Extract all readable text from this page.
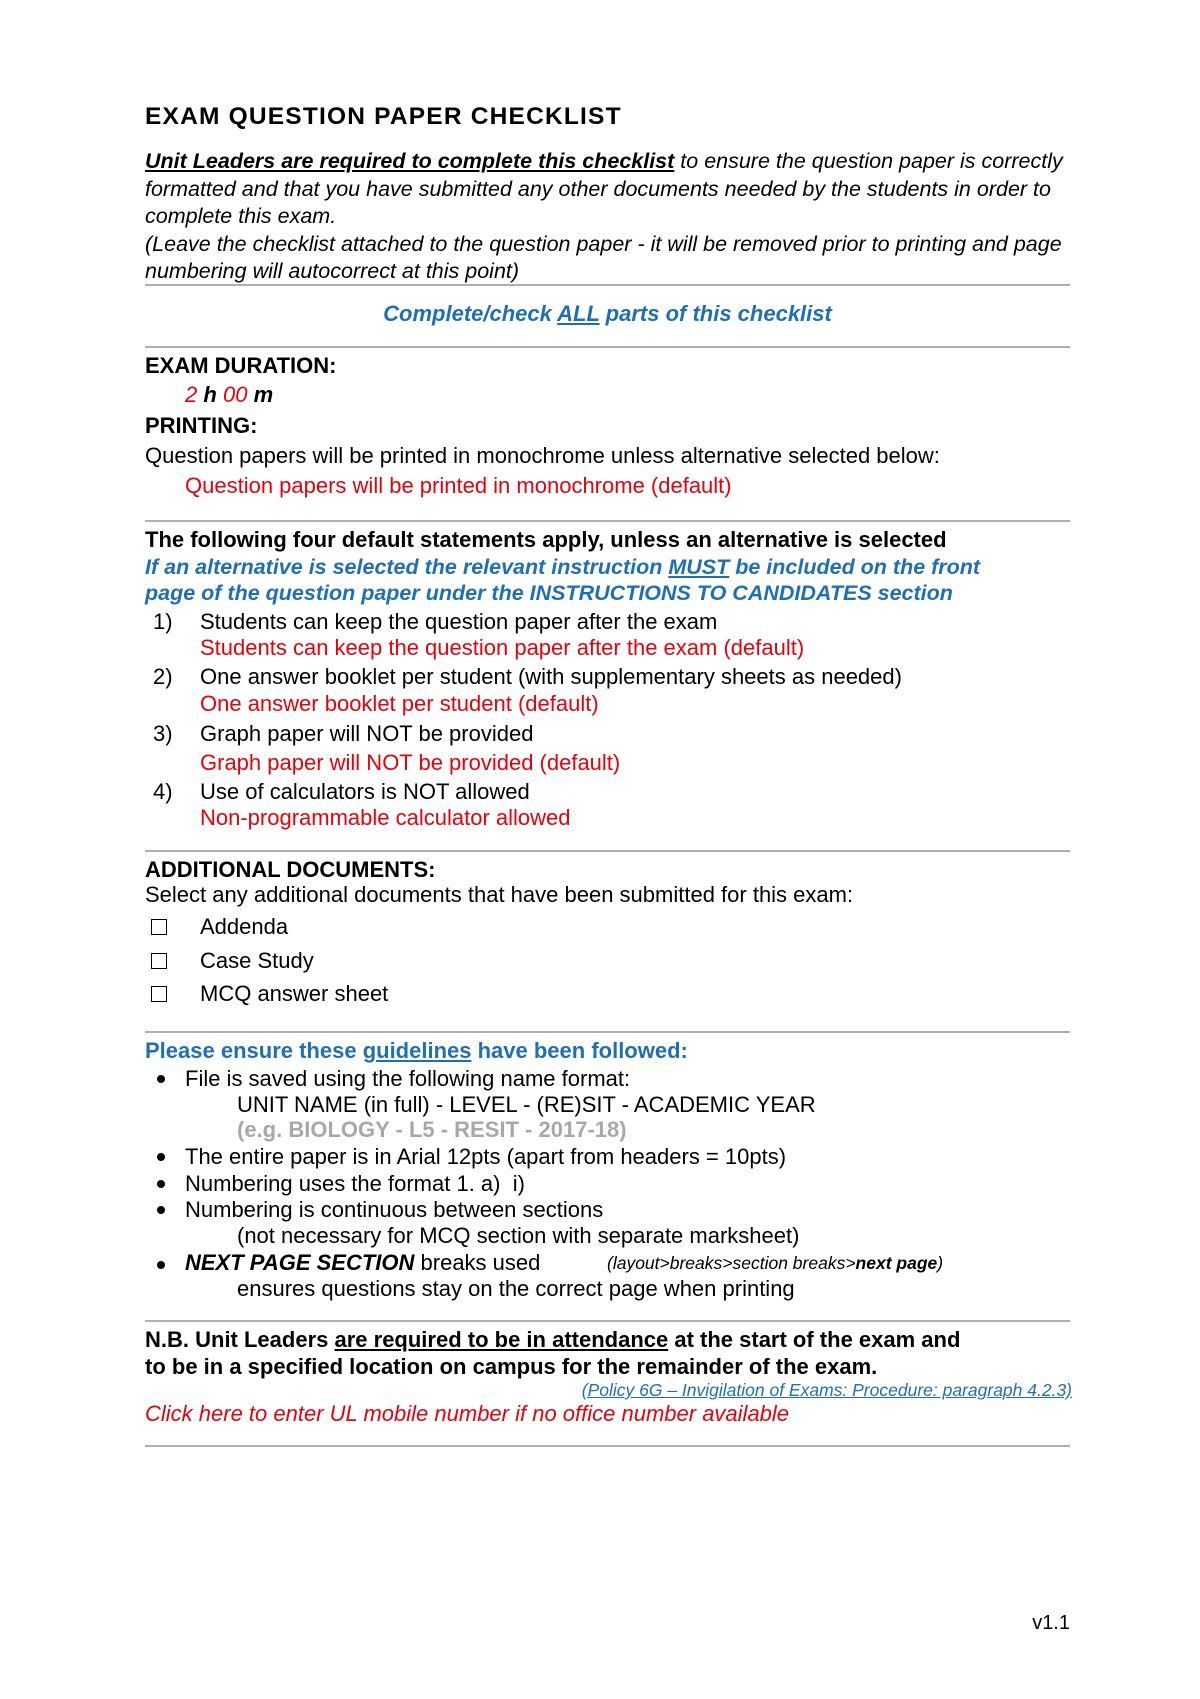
EXAM QUESTION PAPER CHECKLIST
Unit Leaders are required to complete this checklist to ensure the question paper is correctly formatted and that you have submitted any other documents needed by the students in order to complete this exam.
(Leave the checklist attached to the question paper - it will be removed prior to printing and page numbering will autocorrect at this point)
Complete/check ALL parts of this checklist
EXAM DURATION:
2 h 00 m
PRINTING:
Question papers will be printed in monochrome unless alternative selected below:
Question papers will be printed in monochrome (default)
The following four default statements apply, unless an alternative is selected
If an alternative is selected the relevant instruction MUST be included on the front
page of the question paper under the INSTRUCTIONS TO CANDIDATES section
1) Students can keep the question paper after the exam
Students can keep the question paper after the exam (default)
2) One answer booklet per student (with supplementary sheets as needed)
One answer booklet per student (default)
3) Graph paper will NOT be provided
Graph paper will NOT be provided (default)
4) Use of calculators is NOT allowed
Non-programmable calculator allowed
ADDITIONAL DOCUMENTS:
Select any additional documents that have been submitted for this exam:
Addenda
Case Study
MCQ answer sheet
Please ensure these guidelines have been followed:
File is saved using the following name format:
UNIT NAME (in full) - LEVEL - (RE)SIT - ACADEMIC YEAR
(e.g. BIOLOGY - L5 - RESIT - 2017-18)
The entire paper is in Arial 12pts (apart from headers = 10pts)
Numbering uses the format 1. a)  i)
Numbering is continuous between sections
(not necessary for MCQ section with separate marksheet)
NEXT PAGE SECTION breaks used	(layout>breaks>section breaks>next page)
ensures questions stay on the correct page when printing
N.B. Unit Leaders are required to be in attendance at the start of the exam and
to be in a specified location on campus for the remainder of the exam.
(Policy 6G – Invigilation of Exams: Procedure: paragraph 4.2.3)
Click here to enter UL mobile number if no office number available
v1.1
